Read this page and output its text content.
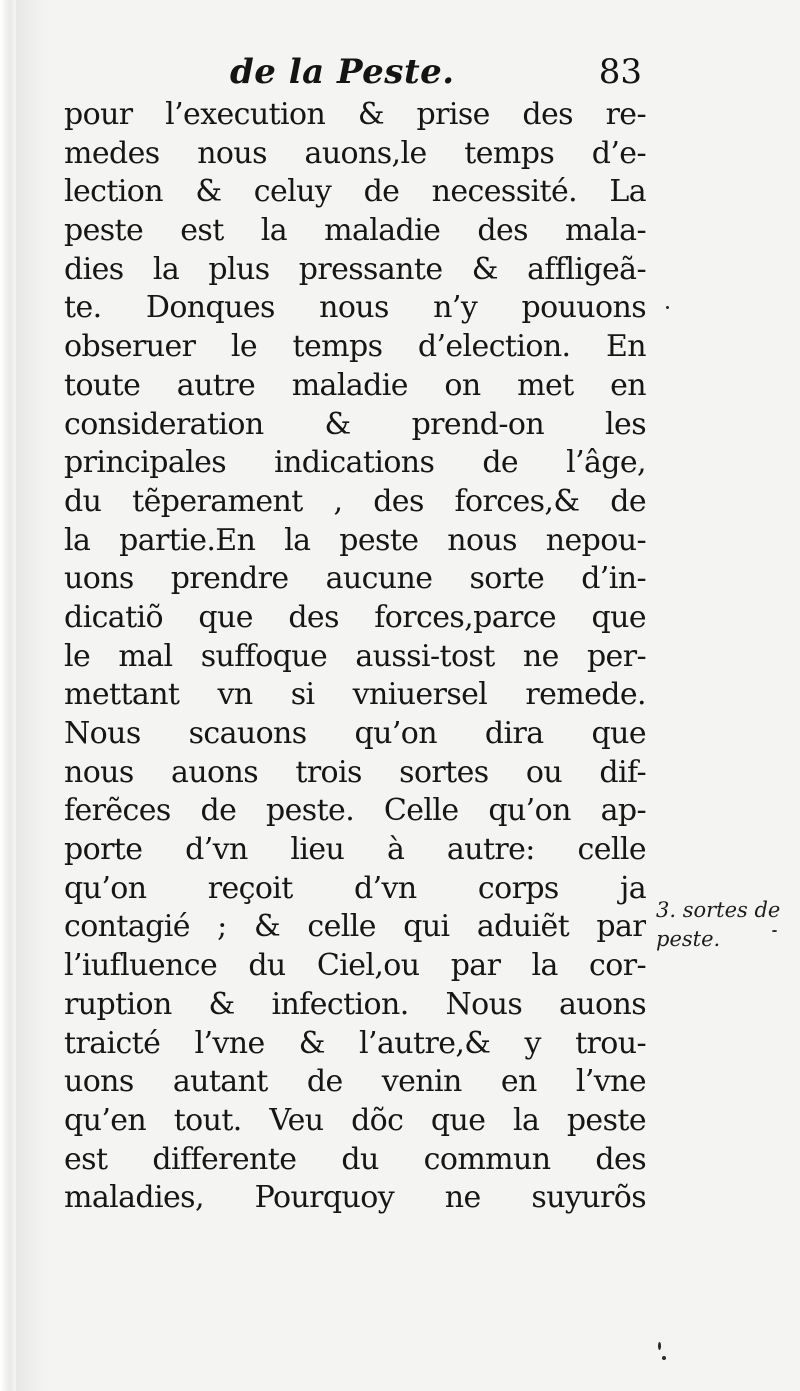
de la Peste.	83
pour l’execution & prise des re-
medes nous auons,le temps d’e-
lection & celuy de necessité. La
peste est la maladie des mala-
dies la plus pressante & affligeã-
te. Donques nous n’y pouuons
obseruer le temps d’election. En
toute autre maladie on met en
consideration & prend-on les
principales indications de l’âge,
du tẽperament , des forces,& de
la partie.En la peste nous nepou-
uons prendre aucune sorte d’in-
dicatiõ que des forces,parce que
le mal suffoque aussi-tost ne per-
mettant vn si vniuersel remede.
Nous scauons qu’on dira que
nous auons trois sortes ou dif-
ferẽces de peste. Celle qu’on ap-
porte d’vn lieu à autre: celle
qu’on reçoit d’vn corps ja
contagié ; & celle qui aduiẽt par
l’iufluence du Ciel,ou par la cor-
ruption & infection. Nous auons
traicté l’vne & l’autre,& y trou-
uons autant de venin en l’vne
qu’en tout. Veu dõc que la peste
est differente du commun des
maladies, Pourquoy ne suyurõs
3. sortes de
peste.
